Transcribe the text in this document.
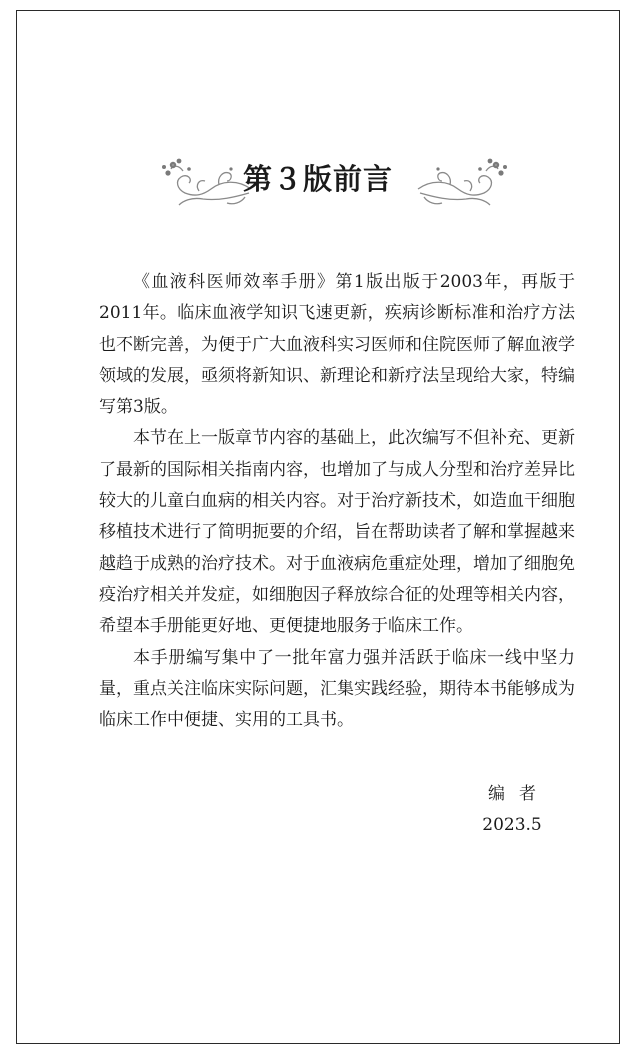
第３版前言

《血液科医师效率手册》第1版出版于2003年，再版于2011年。临床血液学知识飞速更新，疾病诊断标准和治疗方法也不断完善，为便于广大血液科实习医师和住院医师了解血液学领域的发展，亟须将新知识、新理论和新疗法呈现给大家，特编写第3版。

本节在上一版章节内容的基础上，此次编写不但补充、更新了最新的国际相关指南内容，也增加了与成人分型和治疗差异比较大的儿童白血病的相关内容。对于治疗新技术，如造血干细胞移植技术进行了简明扼要的介绍，旨在帮助读者了解和掌握越来越趋于成熟的治疗技术。对于血液病危重症处理，增加了细胞免疫治疗相关并发症，如细胞因子释放综合征的处理等相关内容，希望本手册能更好地、更便捷地服务于临床工作。

本手册编写集中了一批年富力强并活跃于临床一线中坚力量，重点关注临床实际问题，汇集实践经验，期待本书能够成为临床工作中便捷、实用的工具书。

编者
2023.5
